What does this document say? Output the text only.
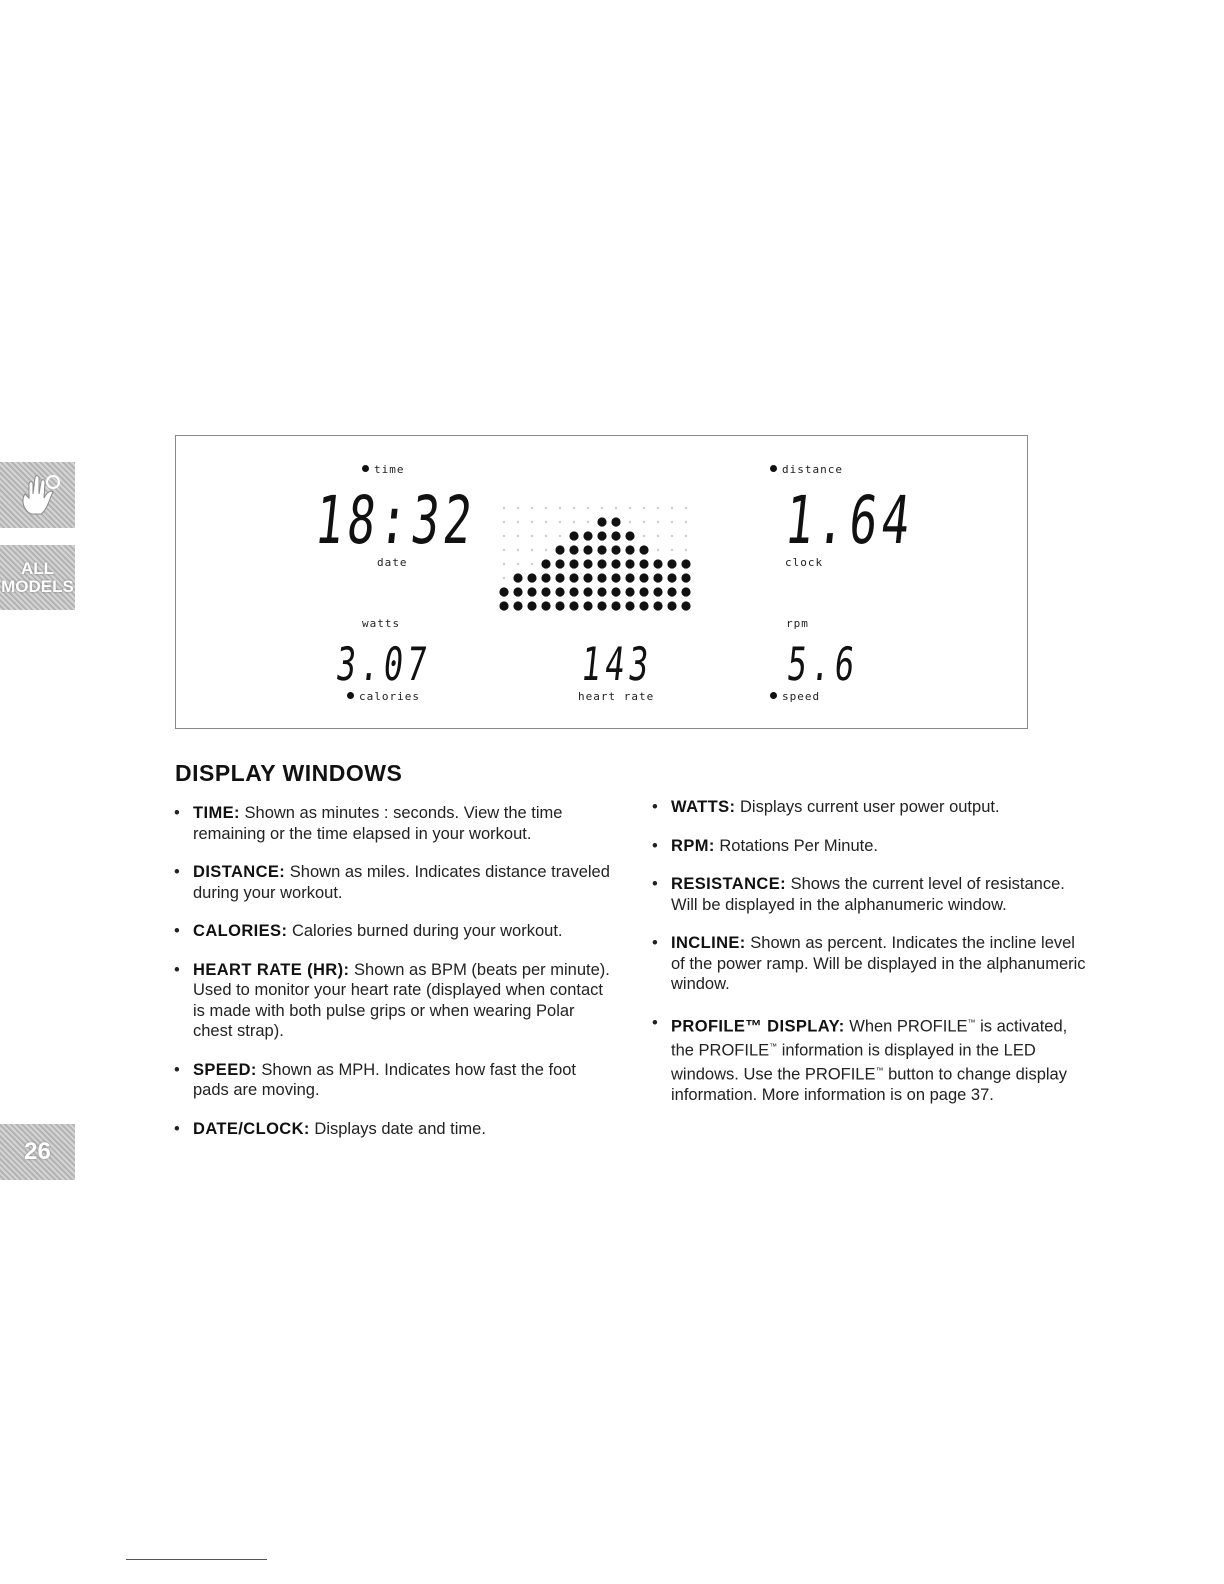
ALL
MODELS
26
time
18:32
date
distance
1.64
clock
watts
3.07
calories
143
heart rate
rpm
5.6
speed
DISPLAY WINDOWS
• TIME: Shown as minutes : seconds. View the time remaining or the time elapsed in your workout.
• DISTANCE: Shown as miles. Indicates distance traveled during your workout.
• CALORIES: Calories burned during your workout.
• HEART RATE (HR): Shown as BPM (beats per minute). Used to monitor your heart rate (displayed when contact is made with both pulse grips or when wearing Polar chest strap).
• SPEED: Shown as MPH. Indicates how fast the foot pads are moving.
• DATE/CLOCK: Displays date and time.
• WATTS: Displays current user power output.
• RPM: Rotations Per Minute.
• RESISTANCE: Shows the current level of resistance. Will be displayed in the alphanumeric window.
• INCLINE: Shown as percent. Indicates the incline level of the power ramp. Will be displayed in the alphanumeric window.
• PROFILE™ DISPLAY: When PROFILE™ is activated, the PROFILE™ information is displayed in the LED windows. Use the PROFILE™ button to change display information. More information is on page 37.
